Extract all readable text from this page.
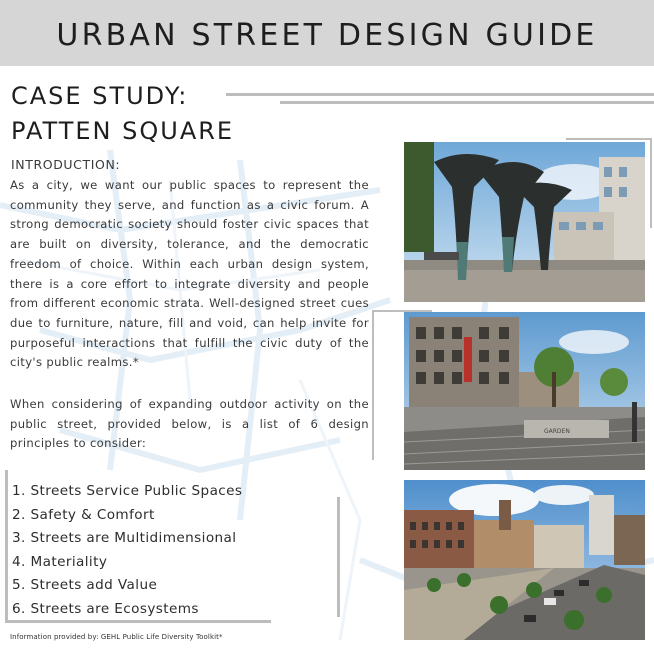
URBAN STREET DESIGN GUIDE
CASE STUDY:
PATTEN SQUARE
INTRODUCTION:
As a city, we want our public spaces to represent the community they serve, and function as a civic forum. A strong democratic society should foster civic spaces that are built on diversity, tolerance, and the democratic freedom of choice. Within each urban design system, there is a core effort to integrate diversity and people from different economic strata. Well-designed street cues due to furniture, nature, fill and void, can help invite for purposeful interactions that fulfill the civic duty of the city's public realms.*
When considering of expanding outdoor activity on the public street, provided below, is a list of 6 design principles to consider:
1. Streets Service Public Spaces
2. Safety & Comfort
3. Streets are Multidimensional
4. Materiality
5. Streets add Value
6. Streets are Ecosystems
Information provided by: GEHL Public Life Diversity Toolkit*
GARDEN
